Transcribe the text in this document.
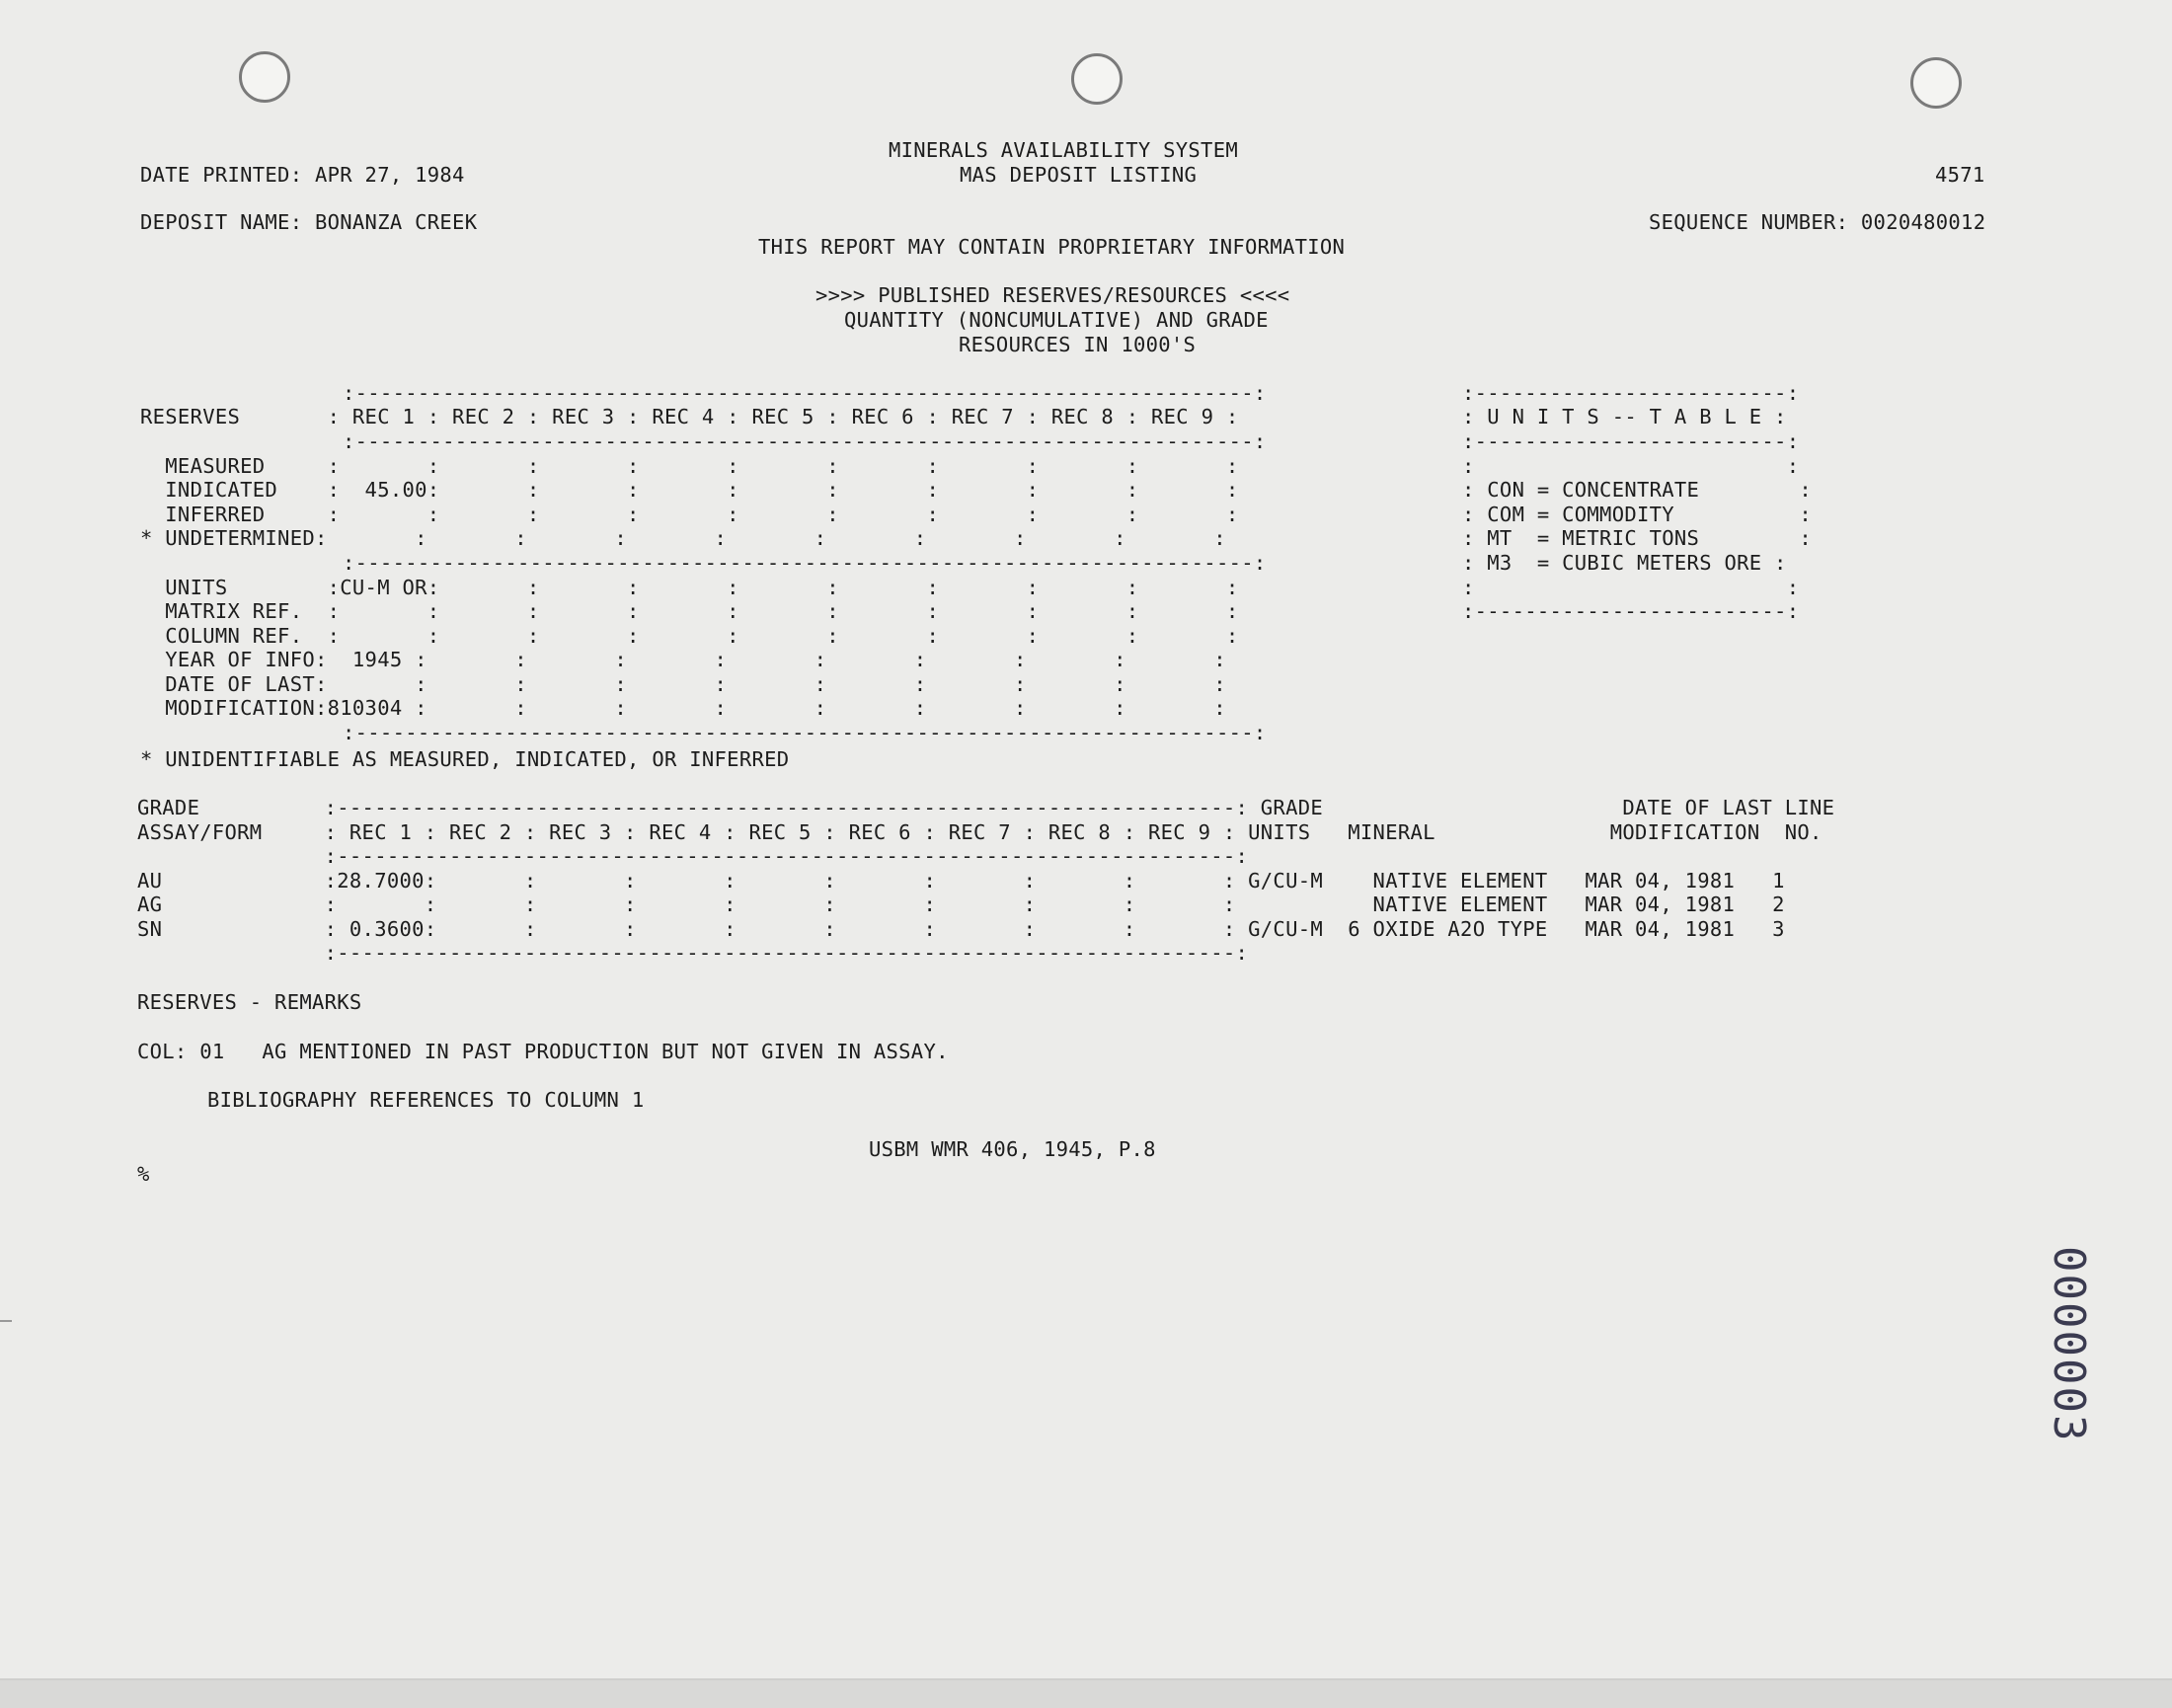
MINERALS AVAILABILITY SYSTEM

DATE PRINTED: APR 27, 1984	MAS DEPOSIT LISTING	4571

DEPOSIT NAME: BONANZA CREEK	SEQUENCE NUMBER: 0020480012

THIS REPORT MAY CONTAIN PROPRIETARY INFORMATION

>>>> PUBLISHED RESERVES/RESOURCES <<<<

QUANTITY (NONCUMULATIVE) AND GRADE

RESOURCES IN 1000'S

:------------------------------------------------------------------------:

RESERVES       : REC 1 : REC 2 : REC 3 : REC 4 : REC 5 : REC 6 : REC 7 : REC 8 : REC 9 :

:------------------------------------------------------------------------:

MEASURED     :       :       :       :       :       :       :       :       :       :

INDICATED    :  45.00:       :       :       :       :       :       :       :       :

INFERRED     :       :       :       :       :       :       :       :       :       :

* UNDETERMINED:       :       :       :       :       :       :       :       :       :

:------------------------------------------------------------------------:

UNITS        :CU-M OR:       :       :       :       :       :       :       :       :

MATRIX REF.  :       :       :       :       :       :       :       :       :       :

COLUMN REF.  :       :       :       :       :       :       :       :       :       :

YEAR OF INFO:  1945 :       :       :       :       :       :       :       :       :

DATE OF LAST:       :       :       :       :       :       :       :       :       :

MODIFICATION:810304 :       :       :       :       :       :       :       :       :

:------------------------------------------------------------------------:

* UNIDENTIFIABLE AS MEASURED, INDICATED, OR INFERRED

:-------------------------:

: U N I T S -- T A B L E :

:-------------------------:

:                         :

: CON = CONCENTRATE        :

: COM = COMMODITY          :

: MT  = METRIC TONS        :

: M3  = CUBIC METERS ORE :

:                         :

:-------------------------:

GRADE          :------------------------------------------------------------------------: GRADE                        DATE OF LAST LINE

ASSAY/FORM     : REC 1 : REC 2 : REC 3 : REC 4 : REC 5 : REC 6 : REC 7 : REC 8 : REC 9 : UNITS   MINERAL              MODIFICATION  NO.

:------------------------------------------------------------------------:

AU             :28.7000:       :       :       :       :       :       :       :       : G/CU-M    NATIVE ELEMENT   MAR 04, 1981   1

AG             :       :       :       :       :       :       :       :       :       :           NATIVE ELEMENT   MAR 04, 1981   2

SN             : 0.3600:       :       :       :       :       :       :       :       : G/CU-M  6 OXIDE A2O TYPE   MAR 04, 1981   3

:------------------------------------------------------------------------:

RESERVES - REMARKS

COL: 01   AG MENTIONED IN PAST PRODUCTION BUT NOT GIVEN IN ASSAY.

BIBLIOGRAPHY REFERENCES TO COLUMN 1

USBM WMR 406, 1945, P.8

%

0000003
